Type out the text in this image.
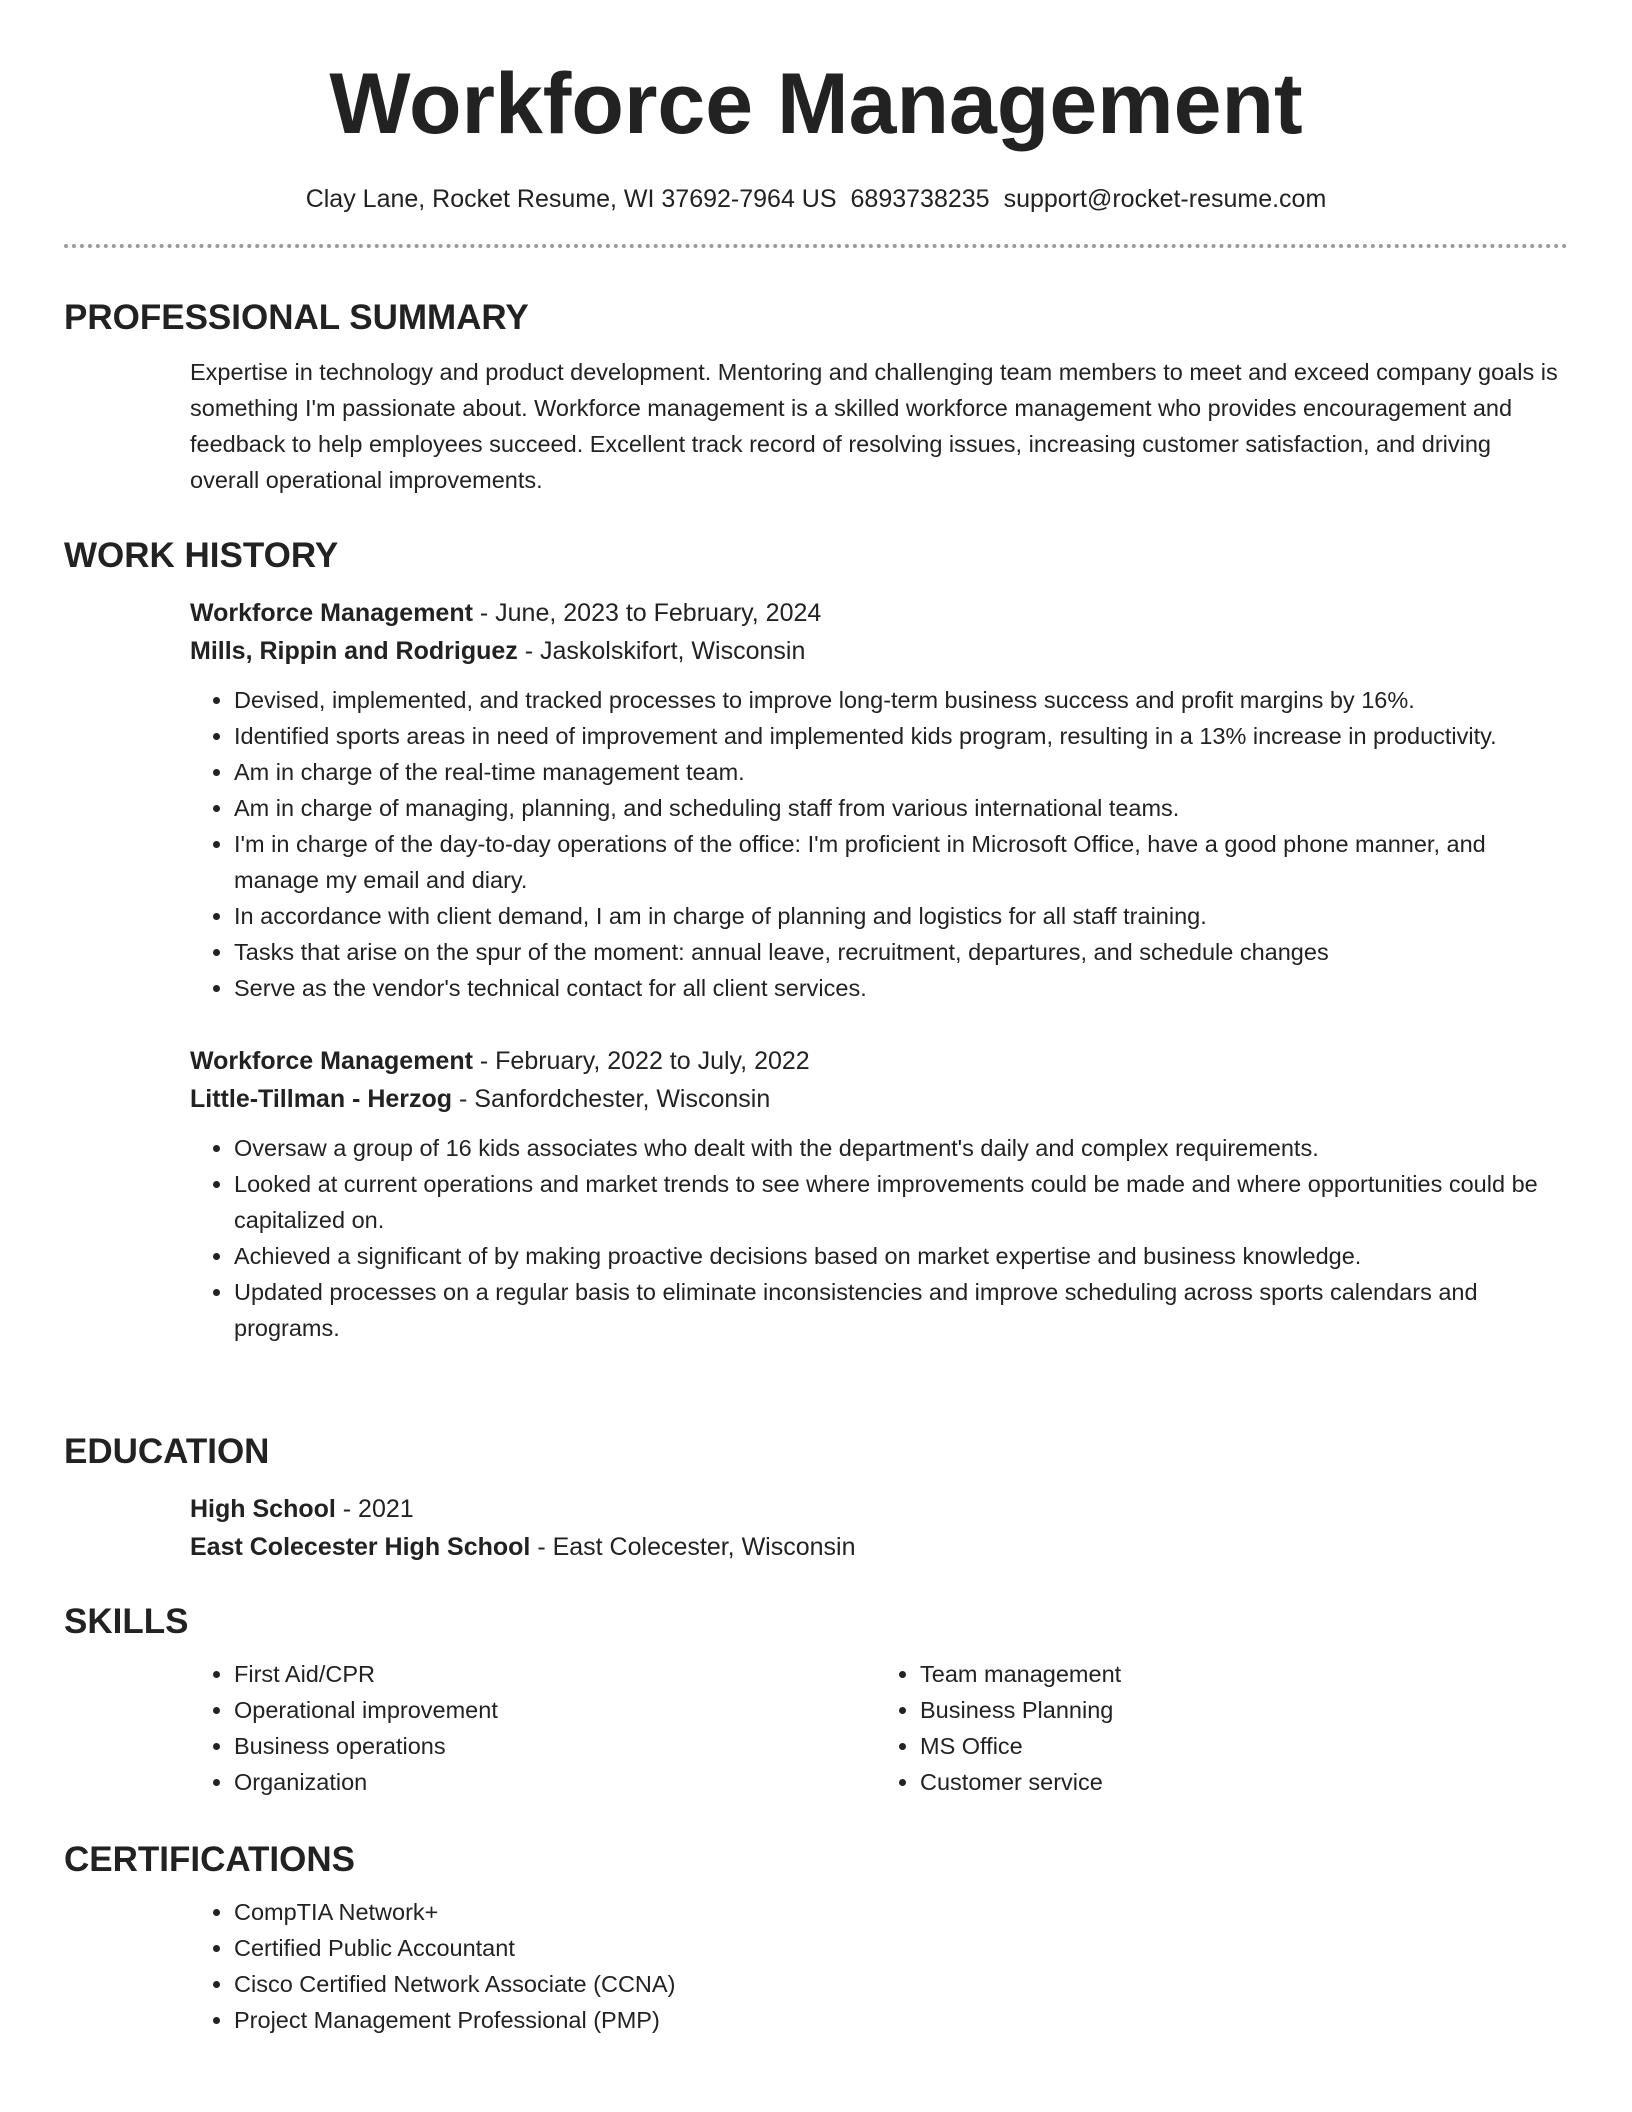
Workforce Management
Clay Lane, Rocket Resume, WI 37692-7964 US 6893738235 support@rocket-resume.com
PROFESSIONAL SUMMARY

Expertise in technology and product development. Mentoring and challenging team members to meet and exceed company goals is something I'm passionate about. Workforce management is a skilled workforce management who provides encouragement and feedback to help employees succeed. Excellent track record of resolving issues, increasing customer satisfaction, and driving overall operational improvements.

WORK HISTORY

Workforce Management - June, 2023 to February, 2024

Mills, Rippin and Rodriguez - Jaskolskifort, Wisconsin

• Devised, implemented, and tracked processes to improve long-term business success and profit margins by 16%.
• Identified sports areas in need of improvement and implemented kids program, resulting in a 13% increase in productivity.
• Am in charge of the real-time management team.
• Am in charge of managing, planning, and scheduling staff from various international teams.
• I'm in charge of the day-to-day operations of the office: I'm proficient in Microsoft Office, have a good phone manner, and manage my email and diary.
• In accordance with client demand, I am in charge of planning and logistics for all staff training.
• Tasks that arise on the spur of the moment: annual leave, recruitment, departures, and schedule changes
• Serve as the vendor's technical contact for all client services.

Workforce Management - February, 2022 to July, 2022

Little-Tillman - Herzog - Sanfordchester, Wisconsin

• Oversaw a group of 16 kids associates who dealt with the department's daily and complex requirements.
• Looked at current operations and market trends to see where improvements could be made and where opportunities could be capitalized on.
• Achieved a significant of by making proactive decisions based on market expertise and business knowledge.
• Updated processes on a regular basis to eliminate inconsistencies and improve scheduling across sports calendars and programs.
EDUCATION

High School - 2021

East Colecester High School - East Colecester, Wisconsin

SKILLS
• First Aid/CPR
• Operational improvement
• Business operations
• Organization
• Team management
• Business Planning
• MS Office
• Customer service
CERTIFICATIONS
• CompTIA Network+
• Certified Public Accountant
• Cisco Certified Network Associate (CCNA)
• Project Management Professional (PMP)
